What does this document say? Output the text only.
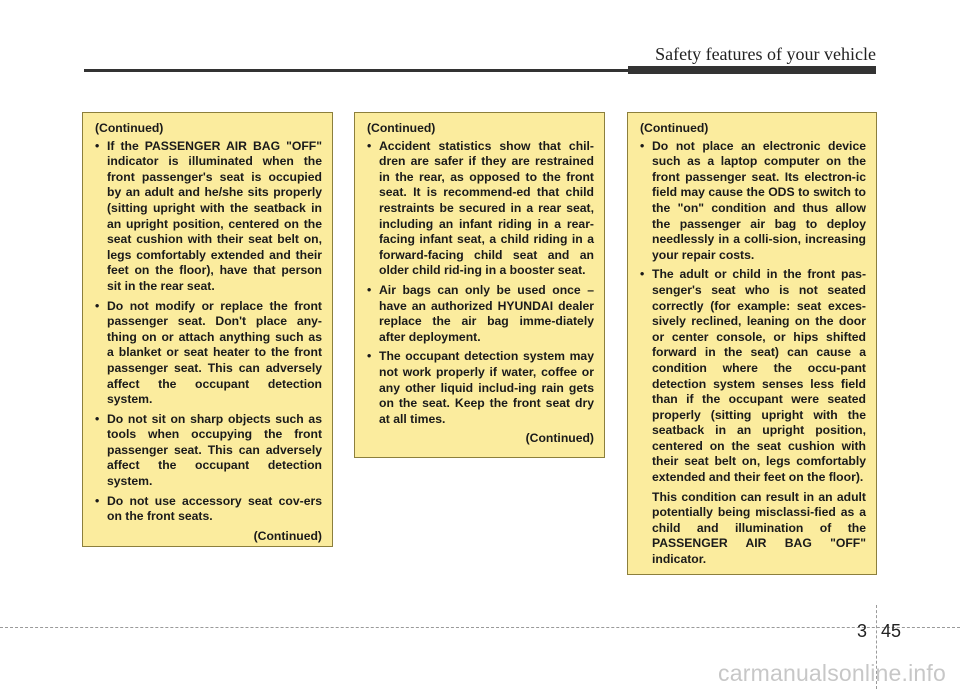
Safety features of your vehicle

(Continued)

• If the PASSENGER AIR BAG "OFF" indicator is illuminated when the front passenger's seat is occupied by an adult and he/she sits properly (sitting upright with the seatback in an upright position, centered on the seat cushion with their seat belt on, legs comfortably extended and their feet on the floor), have that person sit in the rear seat.

• Do not modify or replace the front passenger seat. Don't place any-thing on or attach anything such as a blanket or seat heater to the front passenger seat. This can adversely affect the occupant detection system.

• Do not sit on sharp objects such as tools when occupying the front passenger seat. This can adversely affect the occupant detection system.

• Do not use accessory seat cov-ers on the front seats.

(Continued)

(Continued)

• Accident statistics show that chil-dren are safer if they are restrained in the rear, as opposed to the front seat. It is recommend-ed that child restraints be secured in a rear seat, including an infant riding in a rear-facing infant seat, a child riding in a forward-facing child seat and an older child rid-ing in a booster seat.

• Air bags can only be used once – have an authorized HYUNDAI dealer replace the air bag imme-diately after deployment.

• The occupant detection system may not work properly if water, coffee or any other liquid includ-ing rain gets on the seat. Keep the front seat dry at all times.

(Continued)

(Continued)

• Do not place an electronic device such as a laptop computer on the front passenger seat. Its electron-ic field may cause the ODS to switch to the "on" condition and thus allow the passenger air bag to deploy needlessly in a colli-sion, increasing your repair costs.

• The adult or child in the front pas-senger's seat who is not seated correctly (for example: seat exces-sively reclined, leaning on the door or center console, or hips shifted forward in the seat) can cause a condition where the occu-pant detection system senses less field than if the occupant were seated properly (sitting upright with the seatback in an upright position, centered on the seat cushion with their seat belt on, legs comfortably extended and their feet on the floor).

This condition can result in an adult potentially being misclassi-fied as a child and illumination of the PASSENGER AIR BAG "OFF" indicator.

3 45
carmanualsonline.info
